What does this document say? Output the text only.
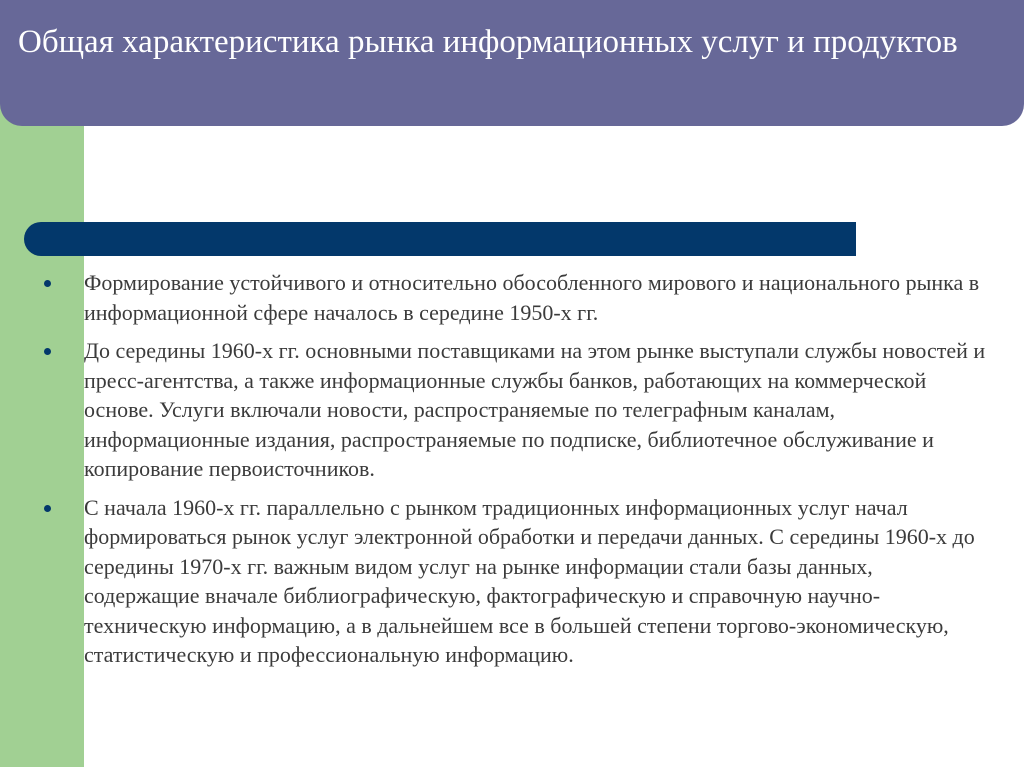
Общая характеристика рынка информационных услуг и продуктов
Формирование устойчивого и относительно обособленного мирового и национального рынка в информационной сфере началось в середине 1950-х гг.
До середины 1960-х гг. основными поставщиками на этом рынке выступали службы новостей и пресс-агентства, а также информационные службы банков, работающих на коммерческой основе. Услуги включали новости, распространяемые по телеграфным каналам, информационные издания, распространяемые по подписке, библиотечное обслуживание и копирование первоисточников.
С начала 1960-х гг. параллельно с рынком традиционных информационных услуг начал формироваться рынок услуг электронной обработки и передачи данных. С середины 1960-х до середины 1970-х гг. важным видом услуг на рынке информации стали базы данных, содержащие вначале библиографическую, фактографическую и справочную научно-техническую информацию, а в дальнейшем все в большей степени торгово-экономическую, статистическую и профессиональную информацию.
